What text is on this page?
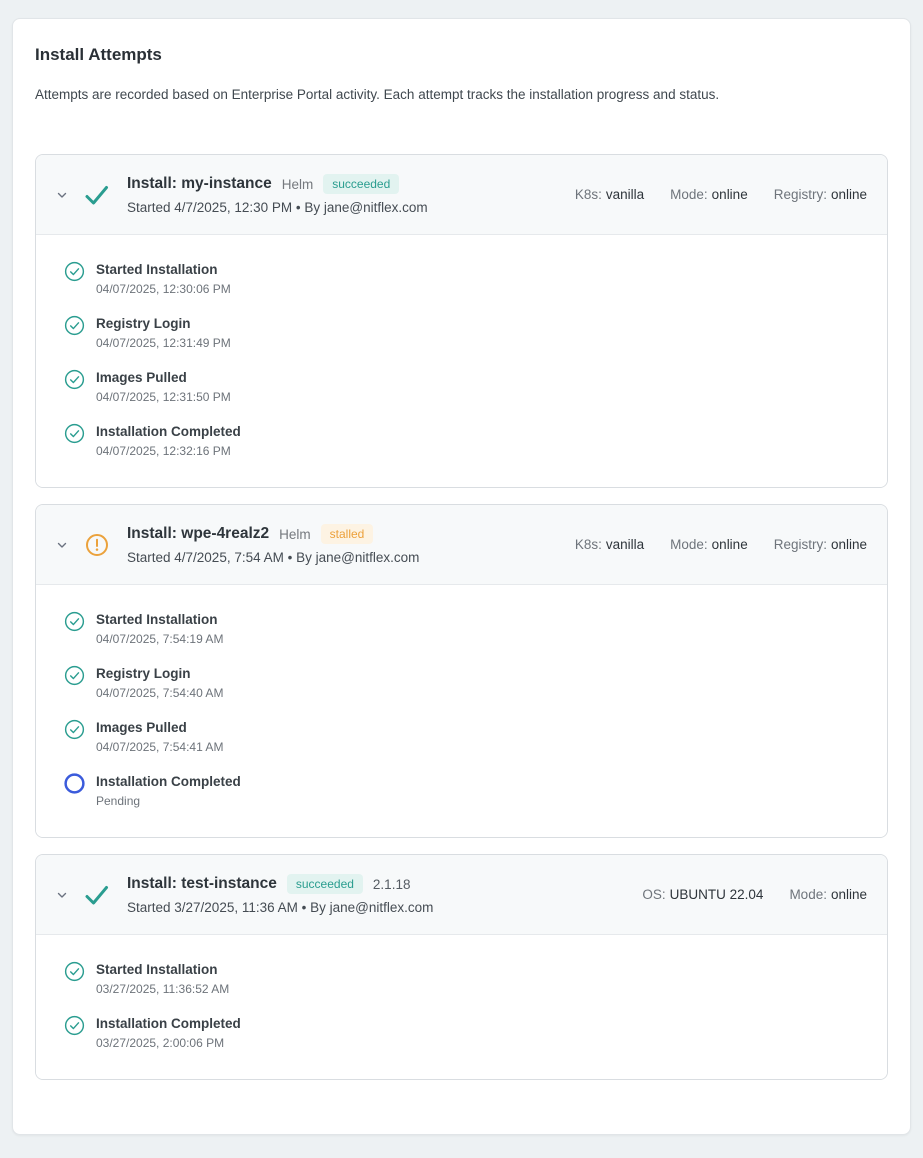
Install Attempts

Attempts are recorded based on Enterprise Portal activity. Each attempt tracks the installation progress and status.

Install: my-instance Helm	succeeded
Started 4/7/2025, 12:30 PM • By jane@nitflex.com
K8s: vanilla Mode: online Registry: online
Started Installation
04/07/2025, 12:30:06 PM
Registry Login
04/07/2025, 12:31:49 PM
Images Pulled
04/07/2025, 12:31:50 PM
Installation Completed
04/07/2025, 12:32:16 PM
Install: wpe-4realz2 Helm	stalled
Started 4/7/2025, 7:54 AM • By jane@nitflex.com
K8s: vanilla Mode: online Registry: online
Started Installation
04/07/2025, 7:54:19 AM
Registry Login
04/07/2025, 7:54:40 AM
Images Pulled
04/07/2025, 7:54:41 AM
Installation Completed
Pending
Install: test-instance	succeeded	2.1.18
Started 3/27/2025, 11:36 AM • By jane@nitflex.com
OS: UBUNTU 22.04 Mode: online
Started Installation
03/27/2025, 11:36:52 AM
Installation Completed
03/27/2025, 2:00:06 PM
